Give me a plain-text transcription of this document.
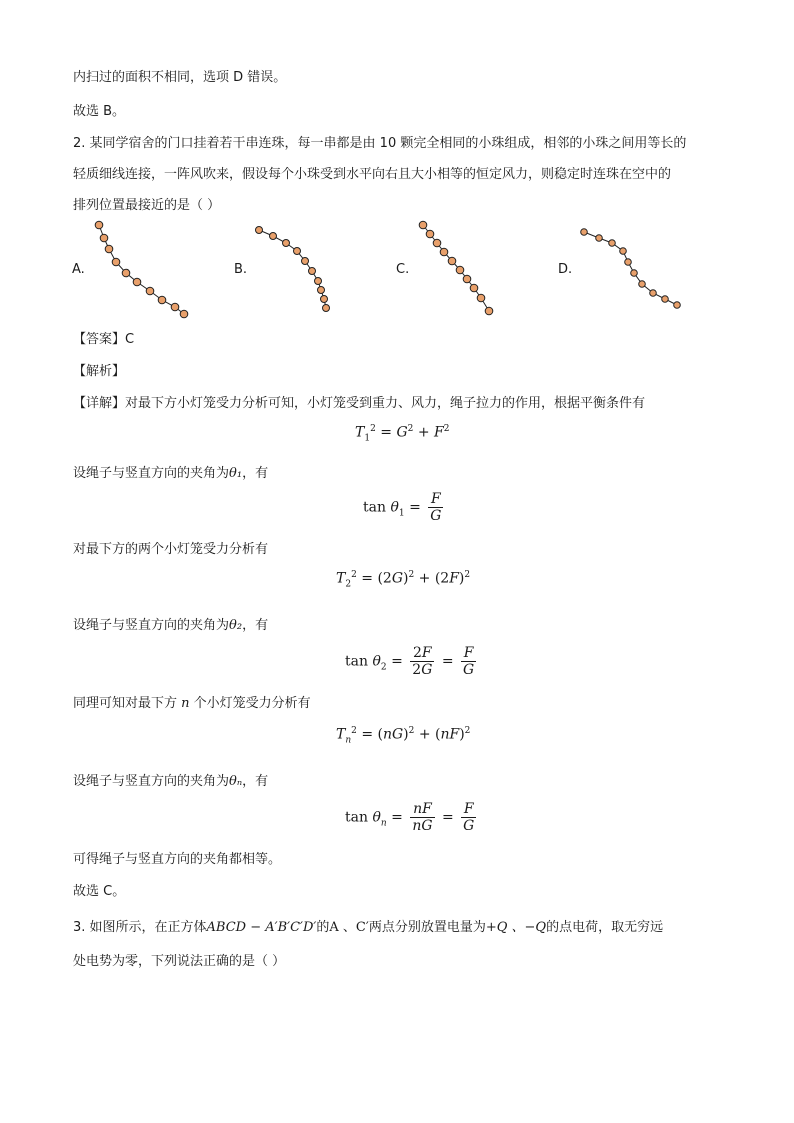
内扫过的面积不相同，选项 D 错误。
故选 B。
2. 某同学宿舍的门口挂着若干串连珠，每一串都是由 10 颗完全相同的小珠组成，相邻的小珠之间用等长的
轻质细线连接，一阵风吹来，假设每个小珠受到水平向右且大小相等的恒定风力，则稳定时连珠在空中的
排列位置最接近的是（ ）
A.	B.	C.	D.
【答案】C
【解析】
【详解】对最下方小灯笼受力分析可知，小灯笼受到重力、风力，绳子拉力的作用，根据平衡条件有
$T_1^2 = G^2 + F^2$
设绳子与竖直方向的夹角为θ₁，有
$\tan \theta_1 = \frac{F}{G}$
对最下方的两个小灯笼受力分析有
$T_2^2 = (2G)^2 + (2F)^2$
设绳子与竖直方向的夹角为θ₂，有
$\tan \theta_2 = \frac{2F}{2G} = \frac{F}{G}$
同理可知对最下方 n 个小灯笼受力分析有
$T_n^2 = (nG)^2 + (nF)^2$
设绳子与竖直方向的夹角为θₙ，有
$\tan \theta_n = \frac{nF}{nG} = \frac{F}{G}$
可得绳子与竖直方向的夹角都相等。
故选 C。
3. 如图所示，在正方体ABCD − A′B′C′D′的A 、C′两点分别放置电量为+Q 、−Q的点电荷，取无穷远
处电势为零，下列说法正确的是（ ）
